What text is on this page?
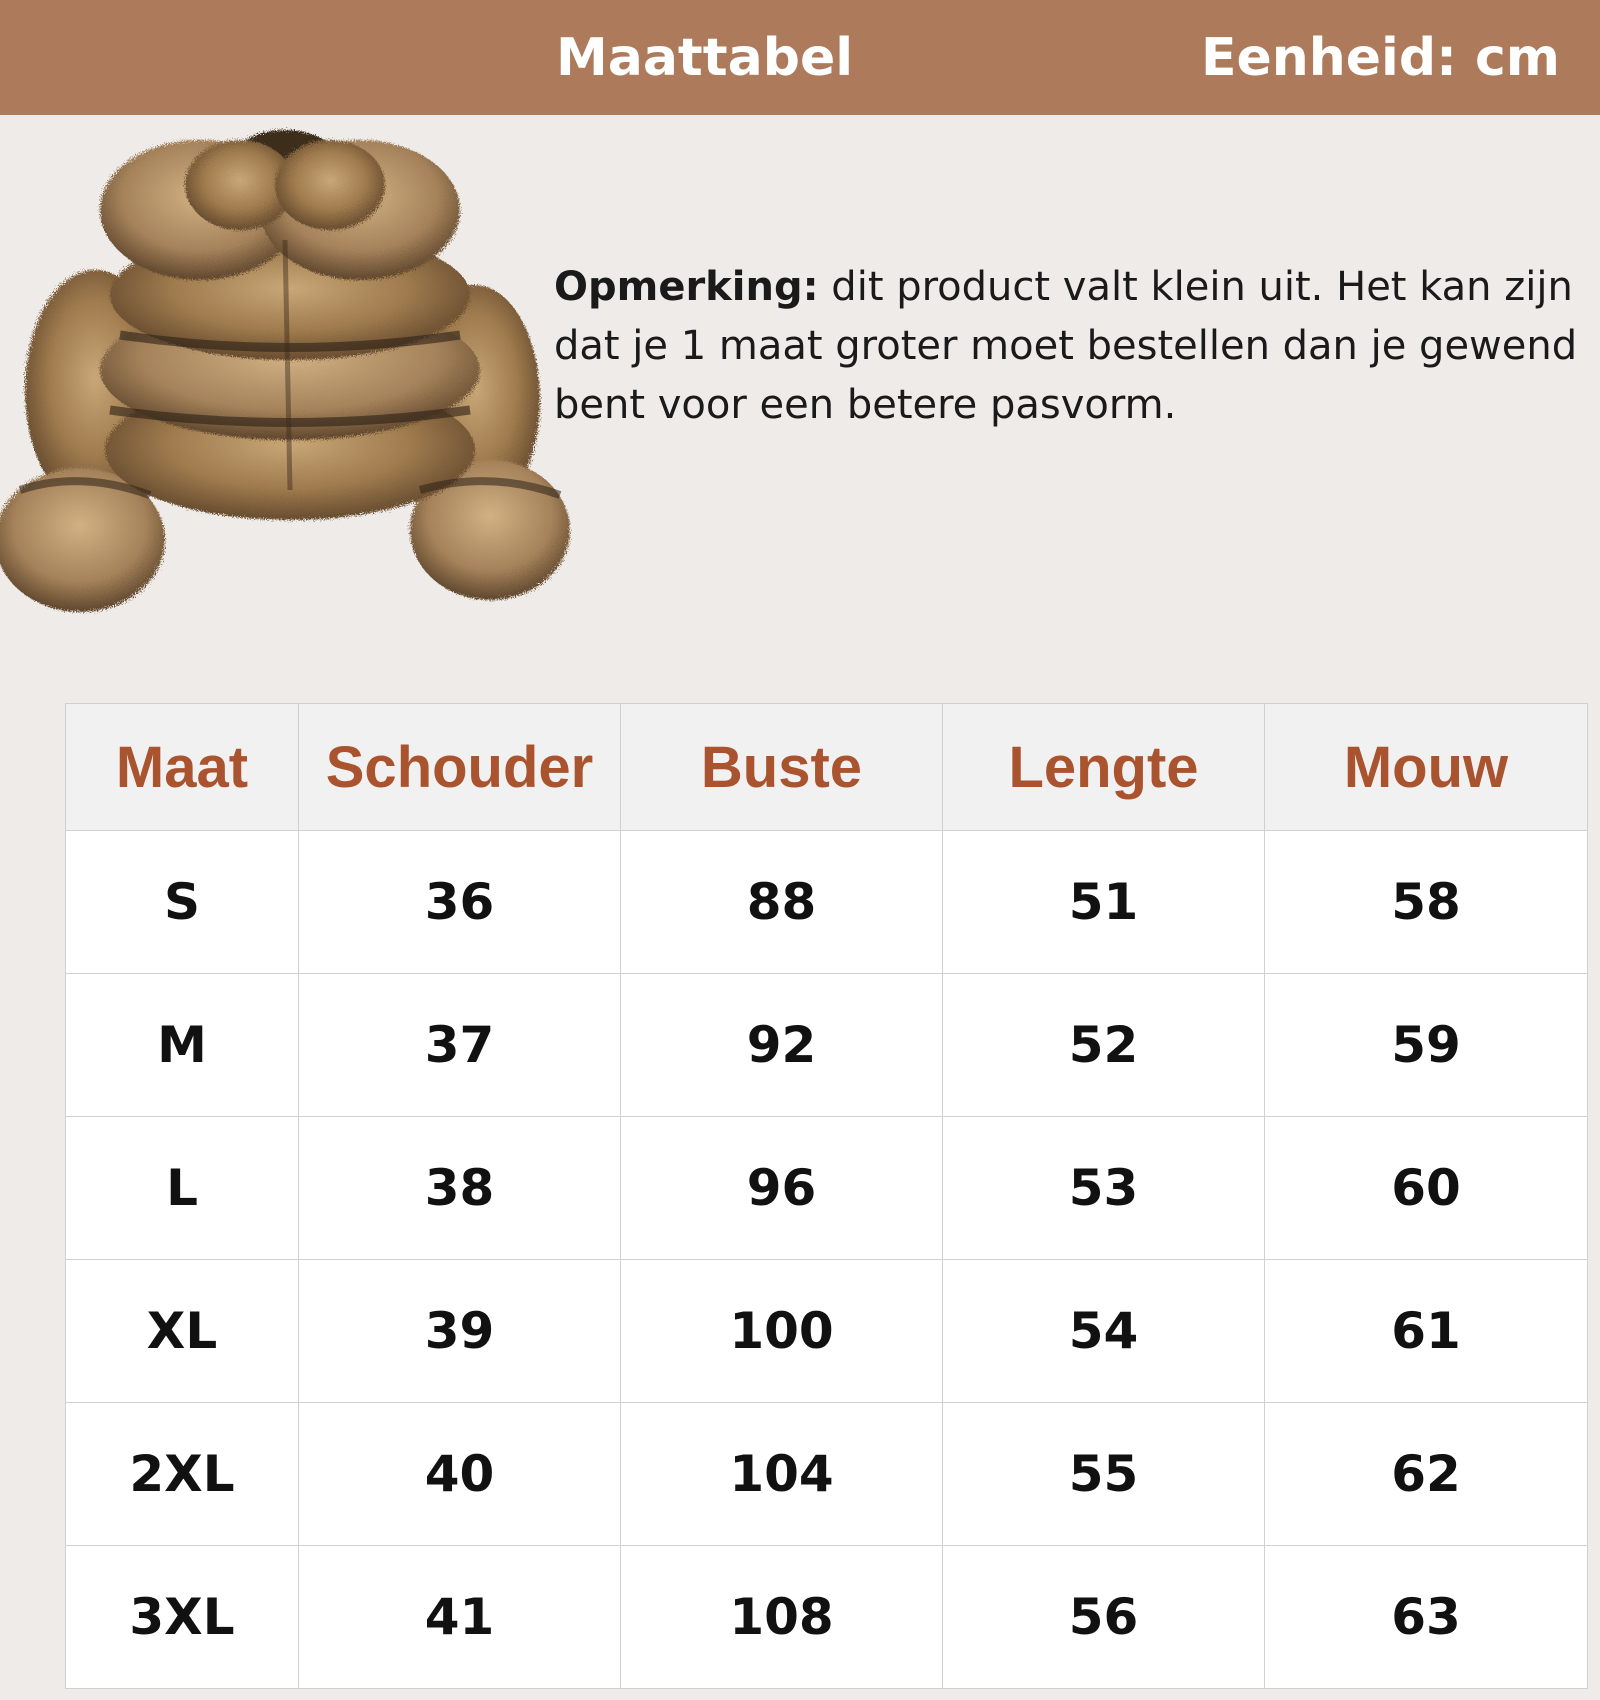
Maattabel	Eenheid: cm
Opmerking: dit product valt klein uit. Het kan zijn dat je 1 maat groter moet bestellen dan je gewend bent voor een betere pasvorm.
Maat	Schouder	Buste	Lengte	Mouw
S	36	88	51	58
M	37	92	52	59
L	38	96	53	60
XL	39	100	54	61
2XL	40	104	55	62
3XL	41	108	56	63
